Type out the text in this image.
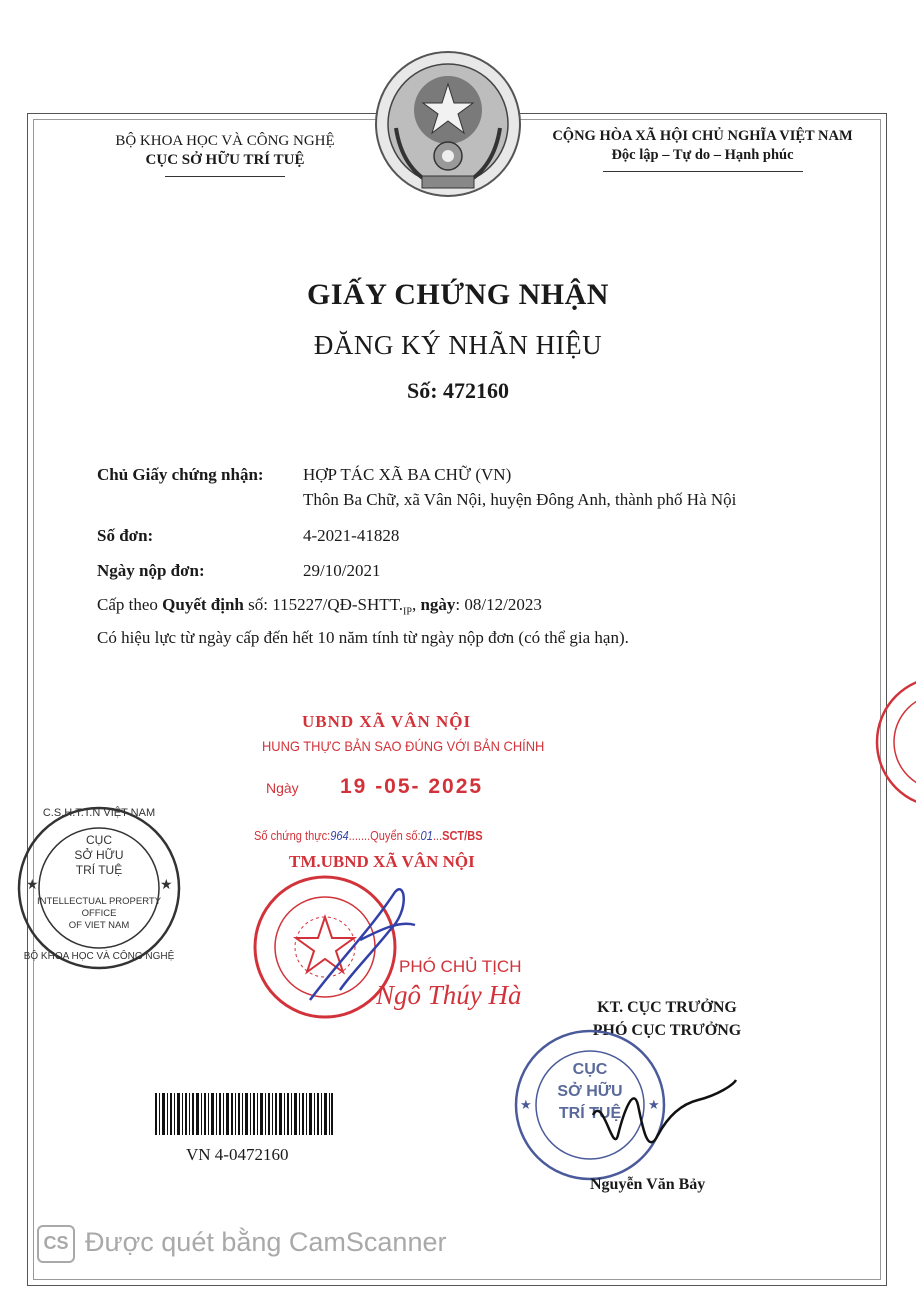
BỘ KHOA HỌC VÀ CÔNG NGHỆ
CỤC SỞ HỮU TRÍ TUỆ
CỘNG HÒA XÃ HỘI CHỦ NGHĨA VIỆT NAM
Độc lập – Tự do – Hạnh phúc
GIẤY CHỨNG NHẬN
ĐĂNG KÝ NHÃN HIỆU
Số: 472160
Chủ Giấy chứng nhận: HỢP TÁC XÃ BA CHỮ (VN)
Thôn Ba Chữ, xã Vân Nội, huyện Đông Anh, thành phố Hà Nội
Số đơn:	4-2021-41828
Ngày nộp đơn:	29/10/2021
Cấp theo Quyết định số: $115227/QĐ-SHTT._{IP}$, ngày: 08/12/2023
Có hiệu lực từ ngày cấp đến hết 10 năm tính từ ngày nộp đơn (có thể gia hạn).
UBND XÃ VÂN NỘI
HUNG THỰC BẢN SAO ĐÚNG VỚI BẢN CHÍNH
Ngày 19 -05- 2025
Số chứng thực:964.......Quyển số:01...SCT/BS
TM.UBND XÃ VÂN NỘI
PHÓ CHỦ TỊCH
Ngô Thúy Hà
★	★
C.S.H.T.T.N VIỆT NAM
CỤC
SỞ HỮU
TRÍ TUỆ
INTELLECTUAL PROPERTY
OFFICE
OF VIET NAM
BỘ KHOA HỌC VÀ CÔNG NGHỆ
KT. CỤC TRƯỞNG
PHÓ CỤC TRƯỞNG
★	★
CỤC
SỞ HỮU
TRÍ TUỆ
Nguyễn Văn Bảy
VN 4-0472160
CS Được quét bằng CamScanner
